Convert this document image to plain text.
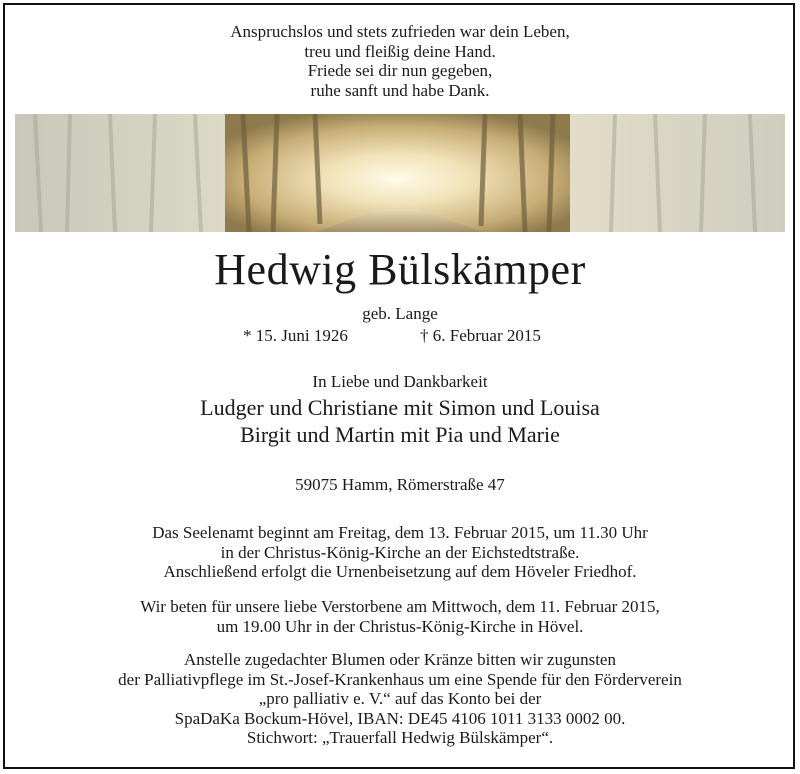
Anspruchslos und stets zufrieden war dein Leben,
treu und fleißig deine Hand.
Friede sei dir nun gegeben,
ruhe sanft und habe Dank.
Hedwig Bülskämper
geb. Lange
* 15. Juni 1926	† 6. Februar 2015
In Liebe und Dankbarkeit
Ludger und Christiane mit Simon und Louisa
Birgit und Martin mit Pia und Marie
59075 Hamm, Römerstraße 47
Das Seelenamt beginnt am Freitag, dem 13. Februar 2015, um 11.30 Uhr
in der Christus-König-Kirche an der Eichstedtstraße.
Anschließend erfolgt die Urnenbeisetzung auf dem Höveler Friedhof.
Wir beten für unsere liebe Verstorbene am Mittwoch, dem 11. Februar 2015,
um 19.00 Uhr in der Christus-König-Kirche in Hövel.
Anstelle zugedachter Blumen oder Kränze bitten wir zugunsten
der Palliativpflege im St.-Josef-Krankenhaus um eine Spende für den Förderverein
„pro palliativ e. V.“ auf das Konto bei der
SpaDaKa Bockum-Hövel, IBAN: DE45 4106 1011 3133 0002 00.
Stichwort: „Trauerfall Hedwig Bülskämper“.
